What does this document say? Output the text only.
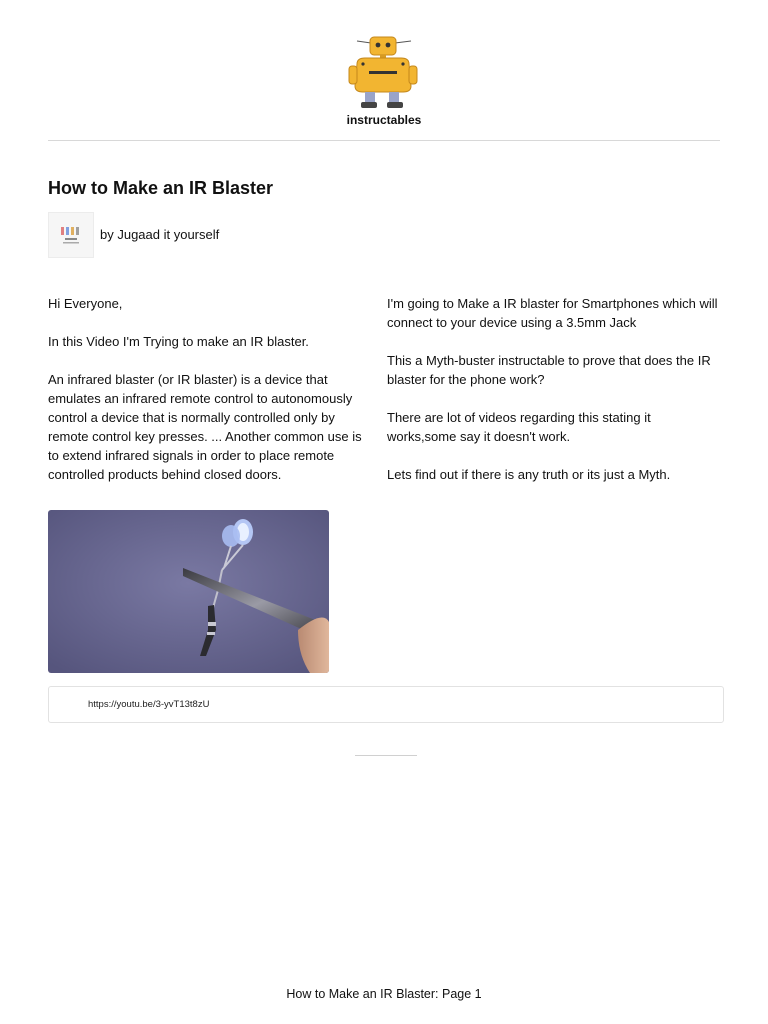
instructables
How to Make an IR Blaster
by Jugaad it yourself

Hi Everyone,

In this Video I'm Trying to make an IR blaster.

An infrared blaster (or IR blaster) is a device that emulates an infrared remote control to autonomously control a device that is normally controlled only by remote control key presses. ... Another common use is to extend infrared signals in order to place remote controlled products behind closed doors.

I'm going to Make a IR blaster for Smartphones which will connect to your device using a 3.5mm Jack

This a Myth-buster instructable to prove that does the IR blaster for the phone work?

There are lot of videos regarding this stating it works,some say it doesn't work.

Lets find out if there is any truth or its just a Myth.

https://youtu.be/3-yvT13t8zU
How to Make an IR Blaster: Page 1
